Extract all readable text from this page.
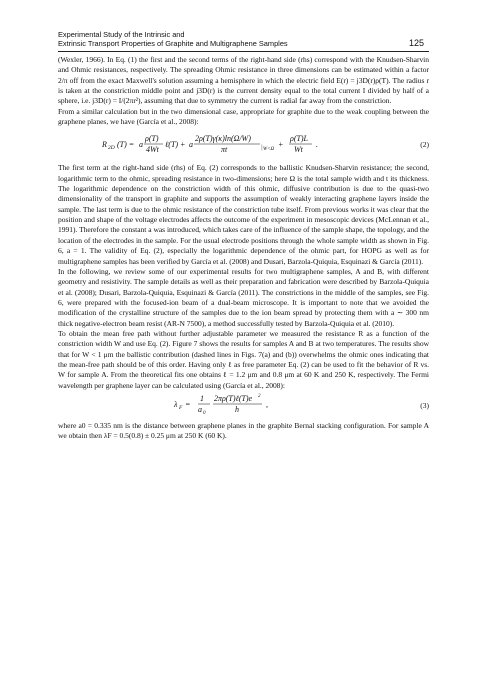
Experimental Study of the Intrinsic and
Extrinsic Transport Properties of Graphite and Multigraphene Samples	125

(Wexler, 1966). In Eq. (1) the first and the second terms of the right-hand side (rhs) correspond with the Knudsen-Sharvin and Ohmic resistances, respectively. The spreading Ohmic resistance in three dimensions can be estimated within a factor 2/π off from the exact Maxwell's solution assuming a hemisphere in which the electric field E(r) = j3D(r)ρ(T). The radius r is taken at the constriction middle point and j3D(r) is the current density equal to the total current I divided by half of a sphere, i.e. j3D(r) = I/(2πr²), assuming that due to symmetry the current is radial far away from the constriction.

From a similar calculation but in the two dimensional case, appropriate for graphite due to the weak coupling between the graphene planes, we have (García et al., 2008):

R 2D (T) = a
ρ(T)
4Wt
ℓ(T) + a
2ρ(T)γ(κ)ln(Ω/W)
πt	| W<Ω
+
ρ(T)L
Wt
.	(2)

The first term at the right-hand side (rhs) of Eq. (2) corresponds to the ballistic Knudsen-Sharvin resistance; the second, logarithmic term to the ohmic, spreading resistance in two-dimensions; here Ω is the total sample width and t its thickness. The logarithmic dependence on the constriction width of this ohmic, diffusive contribution is due to the quasi-two dimensionality of the transport in graphite and supports the assumption of weakly interacting graphene layers inside the sample. The last term is due to the ohmic resistance of the constriction tube itself. From previous works it was clear that the position and shape of the voltage electrodes affects the outcome of the experiment in mesoscopic devices (McLennan et al., 1991). Therefore the constant a was introduced, which takes care of the influence of the sample shape, the topology, and the location of the electrodes in the sample. For the usual electrode positions through the whole sample width as shown in Fig. 6, a = 1. The validity of Eq. (2), especially the logarithmic dependence of the ohmic part, for HOPG as well as for multigraphene samples has been verified by García et al. (2008) and Dusari, Barzola-Quiquia, Esquinazi & García (2011).

In the following, we review some of our experimental results for two multigraphene samples, A and B, with different geometry and resistivity. The sample details as well as their preparation and fabrication were described by Barzola-Quiquia et al. (2008); Dusari, Barzola-Quiquia, Esquinazi & García (2011). The constrictions in the middle of the samples, see Fig. 6, were prepared with the focused-ion beam of a dual-beam microscope. It is important to note that we avoided the modification of the crystalline structure of the samples due to the ion beam spread by protecting them with a ∼ 300 nm thick negative-electron beam resist (AR-N 7500), a method successfully tested by Barzola-Quiquia et al. (2010).

To obtain the mean free path without further adjustable parameter we measured the resistance R as a function of the constriction width W and use Eq. (2). Figure 7 shows the results for samples A and B at two temperatures. The results show that for W < 1 μm the ballistic contribution (dashed lines in Figs. 7(a) and (b)) overwhelms the ohmic ones indicating that the mean-free path should be of this order. Having only ℓ as free parameter Eq. (2) can be used to fit the behavior of R vs. W for sample A. From the theoretical fits one obtains ℓ = 1.2 μm and 0.8 μm at 60 K and 250 K, respectively. The Fermi wavelength per graphene layer can be calculated using (García et al., 2008):

λ F =
1
a 0
2πρ(T)ℓ(T)e 2
h
,	(3)

where a0 = 0.335 nm is the distance between graphene planes in the graphite Bernal stacking configuration. For sample A we obtain then λF = 0.5(0.8) ± 0.25 μm at 250 K (60 K).
